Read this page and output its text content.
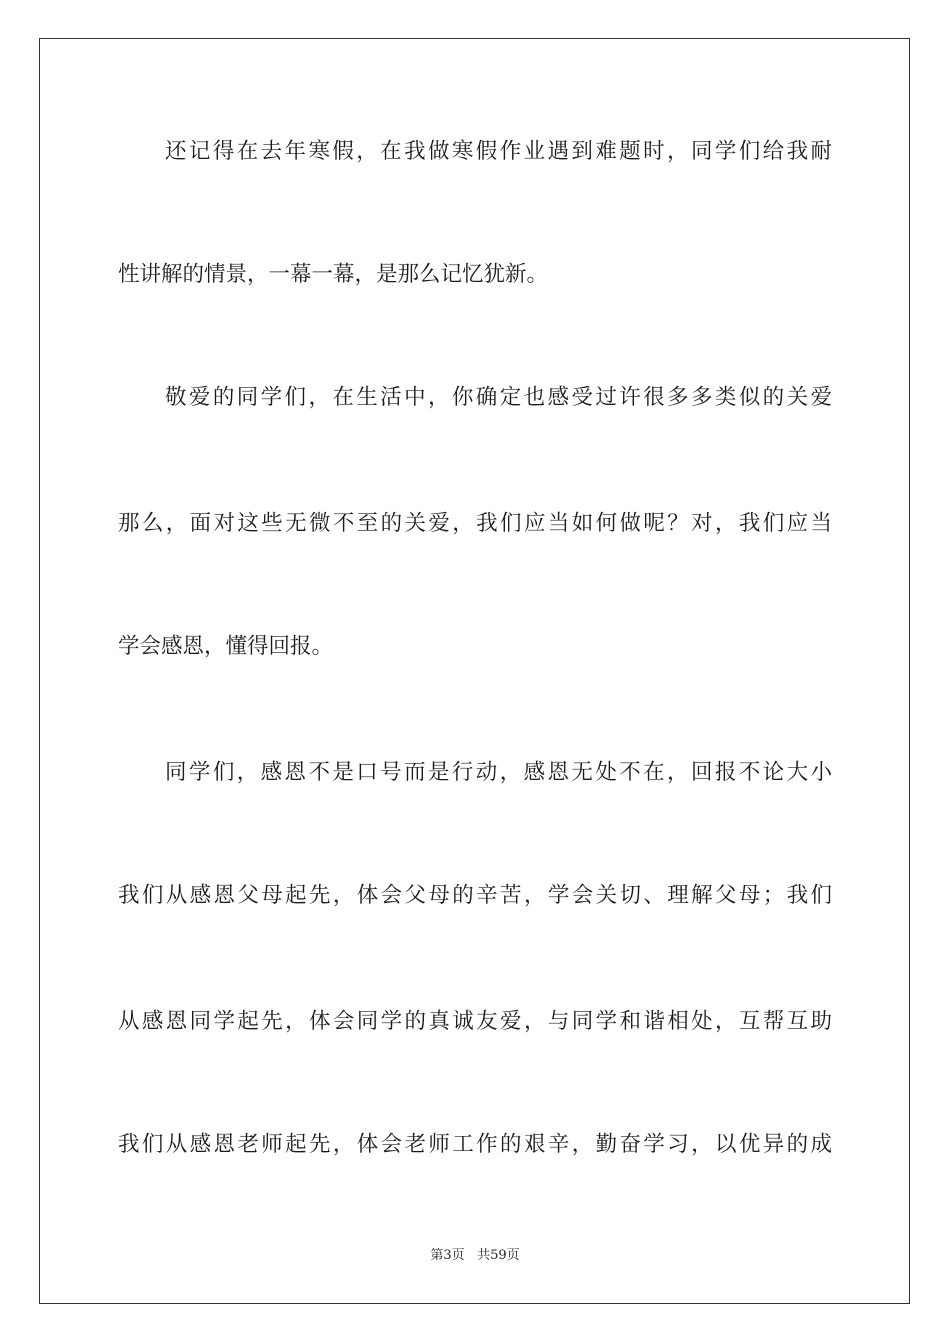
还记得在去年寒假，在我做寒假作业遇到难题时，同学们给我耐
性讲解的情景，一幕一幕，是那么记忆犹新。
敬爱的同学们，在生活中，你确定也感受过许很多多类似的关爱
那么，面对这些无微不至的关爱，我们应当如何做呢？对，我们应当
学会感恩，懂得回报。
同学们，感恩不是口号而是行动，感恩无处不在，回报不论大小
我们从感恩父母起先，体会父母的辛苦，学会关切、理解父母；我们
从感恩同学起先，体会同学的真诚友爱，与同学和谐相处，互帮互助
我们从感恩老师起先，体会老师工作的艰辛，勤奋学习，以优异的成
第3页 共59页
